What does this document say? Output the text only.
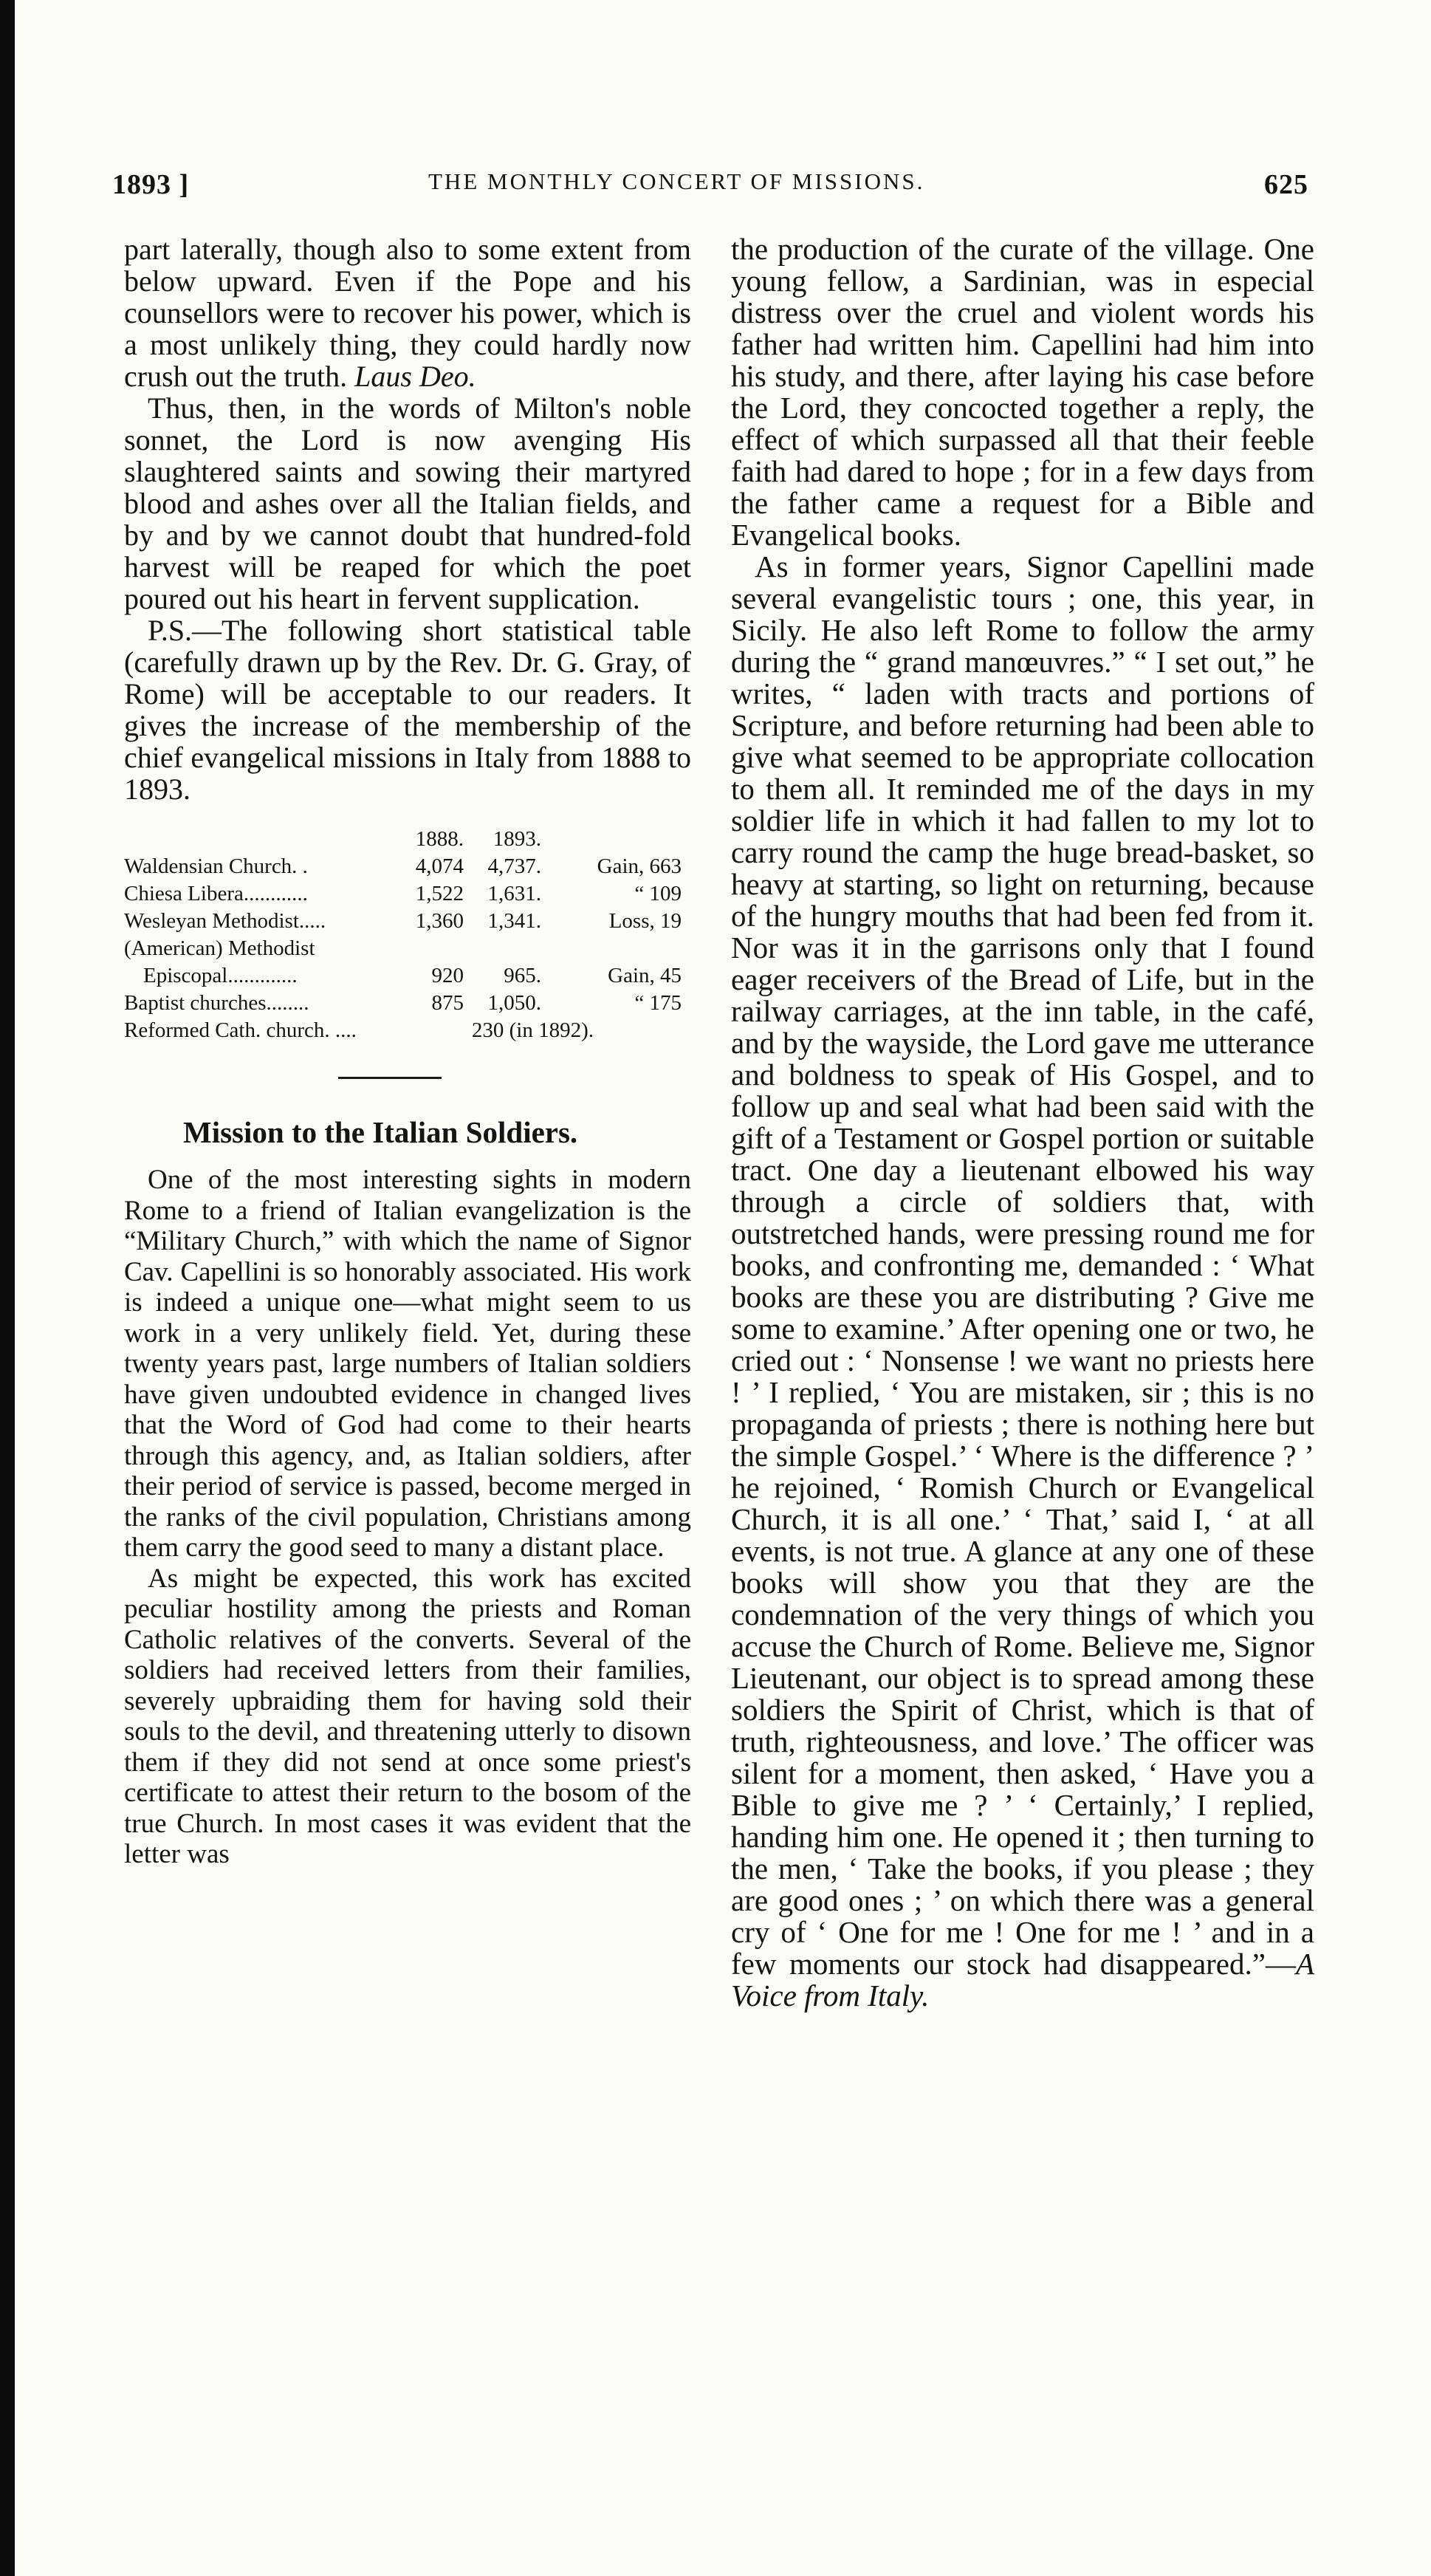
1893 ]	THE MONTHLY CONCERT OF MISSIONS.	625

part laterally, though also to some extent from below upward. Even if the Pope and his counsellors were to recover his power, which is a most unlikely thing, they could hardly now crush out the truth. Laus Deo.

Thus, then, in the words of Milton's noble sonnet, the Lord is now avenging His slaughtered saints and sowing their martyred blood and ashes over all the Italian fields, and by and by we cannot doubt that hundred-fold harvest will be reaped for which the poet poured out his heart in fervent supplication.

P.S.—The following short statistical table (carefully drawn up by the Rev. Dr. G. Gray, of Rome) will be acceptable to our readers. It gives the increase of the membership of the chief evangelical missions in Italy from 1888 to 1893.

1888.	1893.
Waldensian Church. .	4,074	4,737.	Gain, 663
Chiesa Libera............	1,522	1,631.	“ 109
Wesleyan Methodist.....	1,360	1,341.	Loss, 19
(American) Methodist
Episcopal.............	920	965.	Gain, 45
Baptist churches........	875	1,050.	“ 175
Reformed Cath. church. ....	230 (in 1892).
Mission to the Italian Soldiers.

One of the most interesting sights in modern Rome to a friend of Italian evangelization is the “Military Church,” with which the name of Signor Cav. Capellini is so honorably associated. His work is indeed a unique one—what might seem to us work in a very unlikely field. Yet, during these twenty years past, large numbers of Italian soldiers have given undoubted evidence in changed lives that the Word of God had come to their hearts through this agency, and, as Italian soldiers, after their period of service is passed, become merged in the ranks of the civil population, Christians among them carry the good seed to many a distant place.

As might be expected, this work has excited peculiar hostility among the priests and Roman Catholic relatives of the converts. Several of the soldiers had received letters from their families, severely upbraiding them for having sold their souls to the devil, and threatening utterly to disown them if they did not send at once some priest's certificate to attest their return to the bosom of the true Church. In most cases it was evident that the letter was

the production of the curate of the village. One young fellow, a Sardinian, was in especial distress over the cruel and violent words his father had written him. Capellini had him into his study, and there, after laying his case before the Lord, they concocted together a reply, the effect of which surpassed all that their feeble faith had dared to hope ; for in a few days from the father came a request for a Bible and Evangelical books.

As in former years, Signor Capellini made several evangelistic tours ; one, this year, in Sicily. He also left Rome to follow the army during the “ grand manœuvres.” “ I set out,” he writes, “ laden with tracts and portions of Scripture, and before returning had been able to give what seemed to be appropriate collocation to them all. It reminded me of the days in my soldier life in which it had fallen to my lot to carry round the camp the huge bread-basket, so heavy at starting, so light on returning, because of the hungry mouths that had been fed from it. Nor was it in the garrisons only that I found eager receivers of the Bread of Life, but in the railway carriages, at the inn table, in the café, and by the wayside, the Lord gave me utterance and boldness to speak of His Gospel, and to follow up and seal what had been said with the gift of a Testament or Gospel portion or suitable tract. One day a lieutenant elbowed his way through a circle of soldiers that, with outstretched hands, were pressing round me for books, and confronting me, demanded : ‘ What books are these you are distributing ? Give me some to examine.’ After opening one or two, he cried out : ‘ Nonsense ! we want no priests here ! ’ I replied, ‘ You are mistaken, sir ; this is no propaganda of priests ; there is nothing here but the simple Gospel.’ ‘ Where is the difference ? ’ he rejoined, ‘ Romish Church or Evangelical Church, it is all one.’ ‘ That,’ said I, ‘ at all events, is not true. A glance at any one of these books will show you that they are the condemnation of the very things of which you accuse the Church of Rome. Believe me, Signor Lieutenant, our object is to spread among these soldiers the Spirit of Christ, which is that of truth, righteousness, and love.’ The officer was silent for a moment, then asked, ‘ Have you a Bible to give me ? ’ ‘ Certainly,’ I replied, handing him one. He opened it ; then turning to the men, ‘ Take the books, if you please ; they are good ones ; ’ on which there was a general cry of ‘ One for me ! One for me ! ’ and in a few moments our stock had disappeared.”—A Voice from Italy.
